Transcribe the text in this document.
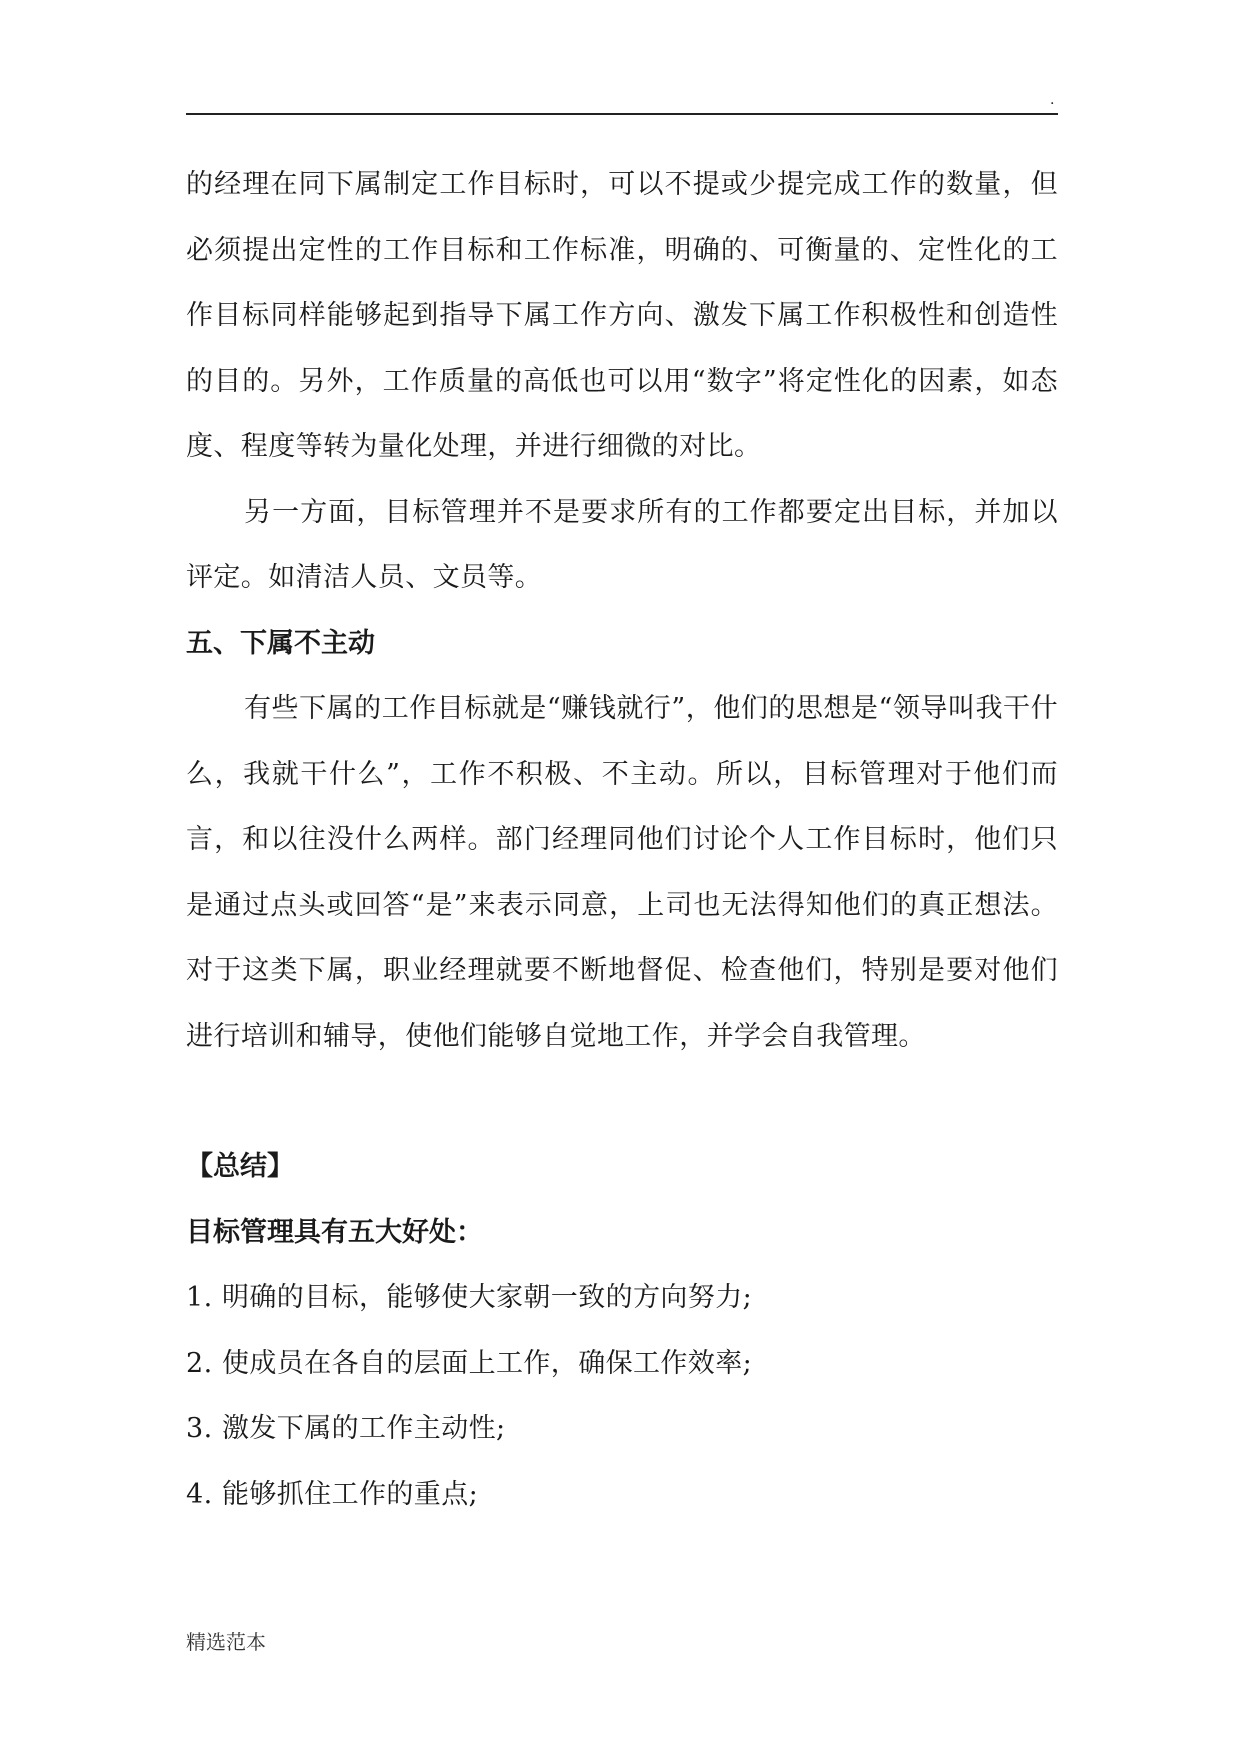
.

的经理在同下属制定工作目标时，可以不提或少提完成工作的数量，但必须提出定性的工作目标和工作标准，明确的、可衡量的、定性化的工作目标同样能够起到指导下属工作方向、激发下属工作积极性和创造性的目的。另外，工作质量的高低也可以用“数字”将定性化的因素，如态度、程度等转为量化处理，并进行细微的对比。

另一方面，目标管理并不是要求所有的工作都要定出目标，并加以评定。如清洁人员、文员等。

五、下属不主动

有些下属的工作目标就是“赚钱就行”，他们的思想是“领导叫我干什么，我就干什么”，工作不积极、不主动。所以，目标管理对于他们而言，和以往没什么两样。部门经理同他们讨论个人工作目标时，他们只是通过点头或回答“是”来表示同意，上司也无法得知他们的真正想法。对于这类下属，职业经理就要不断地督促、检查他们，特别是要对他们进行培训和辅导，使他们能够自觉地工作，并学会自我管理。

【总结】
目标管理具有五大好处：
1. 明确的目标，能够使大家朝一致的方向努力;
2. 使成员在各自的层面上工作，确保工作效率;
3. 激发下属的工作主动性;
4. 能够抓住工作的重点;
精选范本
